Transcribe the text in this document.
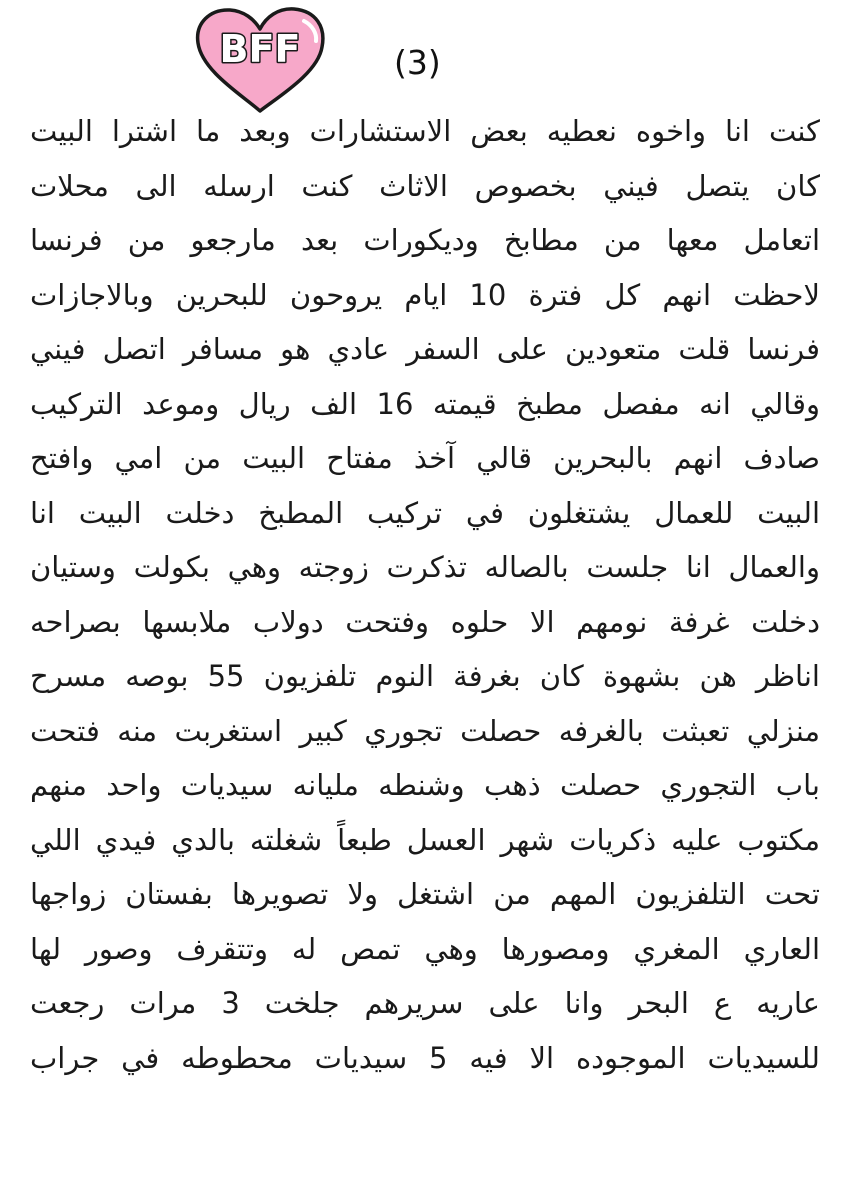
BFF	(3)
كنت انا واخوه نعطيه بعض الاستشارات وبعد ما اشترا البيت
كان يتصل فيني بخصوص الاثاث كنت ارسله الى محلات
اتعامل معها من مطابخ وديكورات بعد مارجعو من فرنسا
لاحظت انهم كل فترة 10 ايام يروحون للبحرين وبالاجازات
فرنسا قلت متعودين على السفر عادي هو مسافر اتصل فيني
وقالي انه مفصل مطبخ قيمته 16 الف ريال وموعد التركيب
صادف انهم بالبحرين قالي آخذ مفتاح البيت من امي وافتح
البيت للعمال يشتغلون في تركيب المطبخ دخلت البيت انا
والعمال انا جلست بالصاله تذكرت زوجته وهي بكولت وستيان
دخلت غرفة نومهم الا حلوه وفتحت دولاب ملابسها بصراحه
اناظر هن بشهوة كان بغرفة النوم تلفزيون 55 بوصه مسرح
منزلي تعبثت بالغرفه حصلت تجوري كبير استغربت منه فتحت
باب التجوري حصلت ذهب وشنطه مليانه سيديات واحد منهم
مكتوب عليه ذكريات شهر العسل طبعاً شغلته بالدي فيدي اللي
تحت التلفزيون المهم من اشتغل ولا تصويرها بفستان زواجها
العاري المغري ومصورها وهي تمص له وتتقرف وصور لها
عاريه ع البحر وانا على سريرهم جلخت 3 مرات رجعت
للسيديات الموجوده الا فيه 5 سيديات محطوطه في جراب
